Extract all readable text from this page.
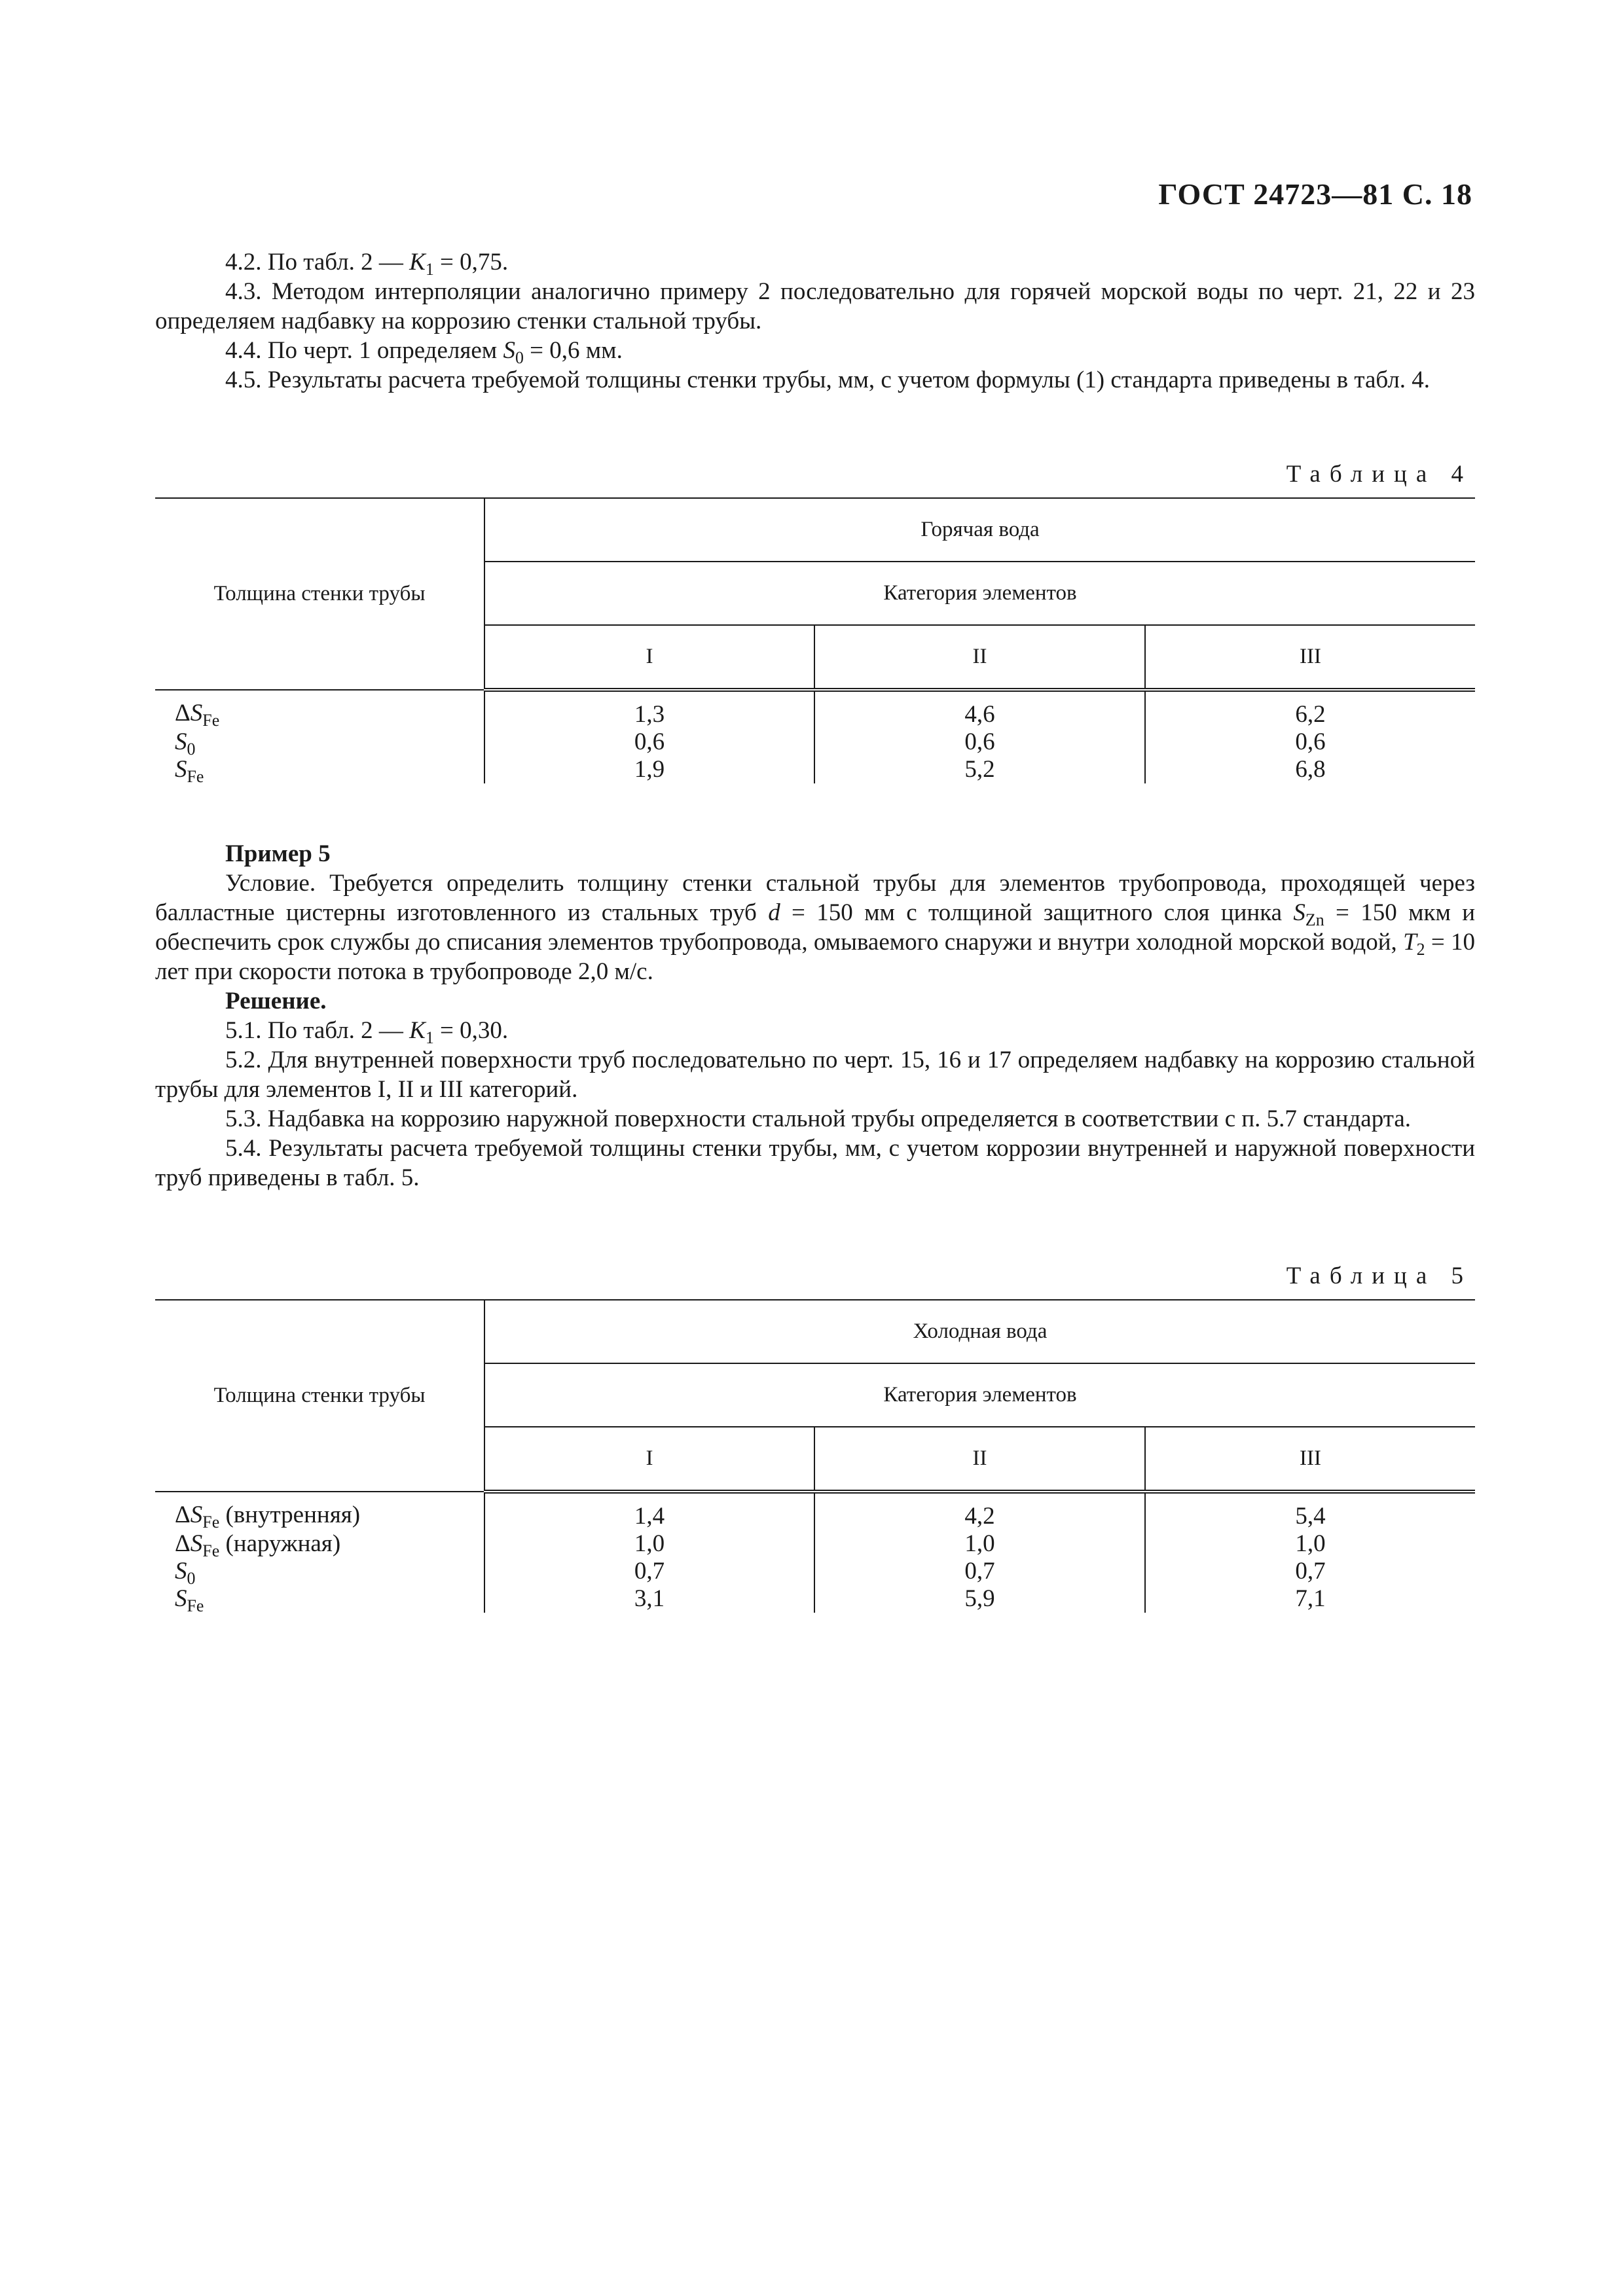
ГОСТ 24723—81 С. 18

4.2. По табл. 2 — $K_1 = 0,75$.

4.3. Методом интерполяции аналогично примеру 2 последовательно для горячей морской воды по черт. 21, 22 и 23 определяем надбавку на коррозию стенки стальной трубы.

4.4. По черт. 1 определяем $S_0 = 0,6$ мм.

4.5. Результаты расчета требуемой толщины стенки трубы, мм, с учетом формулы (1) стандарта приведены в табл. 4.

Таблица 4
Толщина стенки трубы	Горячая вода		
	Категория элементов		
	I	II	III
$\Delta S_{Fe}$	1,3	4,6	6,2
$S_0$	0,6	0,6	0,6
$S_{Fe}$	1,9	5,2	6,8

Пример 5

Условие. Требуется определить толщину стенки стальной трубы для элементов трубопровода, проходящей через балластные цистерны изготовленного из стальных труб d = 150 мм с толщиной защитного слоя цинка $S_{Zn} = 150$ мкм и обеспечить срок службы до списания элементов трубопровода, омываемого снаружи и внутри холодной морской водой, $T_2 = 10$ лет при скорости потока в трубопроводе 2,0 м/с.

Решение.

5.1. По табл. 2 — $K_1 = 0,30$.

5.2. Для внутренней поверхности труб последовательно по черт. 15, 16 и 17 определяем надбавку на коррозию стальной трубы для элементов I, II и III категорий.

5.3. Надбавка на коррозию наружной поверхности стальной трубы определяется в соответствии с п. 5.7 стандарта.

5.4. Результаты расчета требуемой толщины стенки трубы, мм, с учетом коррозии внутренней и наружной поверхности труб приведены в табл. 5.

Таблица 5
Толщина стенки трубы	Холодная вода		
	Категория элементов		
	I	II	III
$\Delta S_{Fe}$ (внутренняя)	1,4	4,2	5,4
$\Delta S_{Fe}$ (наружная)	1,0	1,0	1,0
$S_0$	0,7	0,7	0,7
$S_{Fe}$	3,1	5,9	7,1
